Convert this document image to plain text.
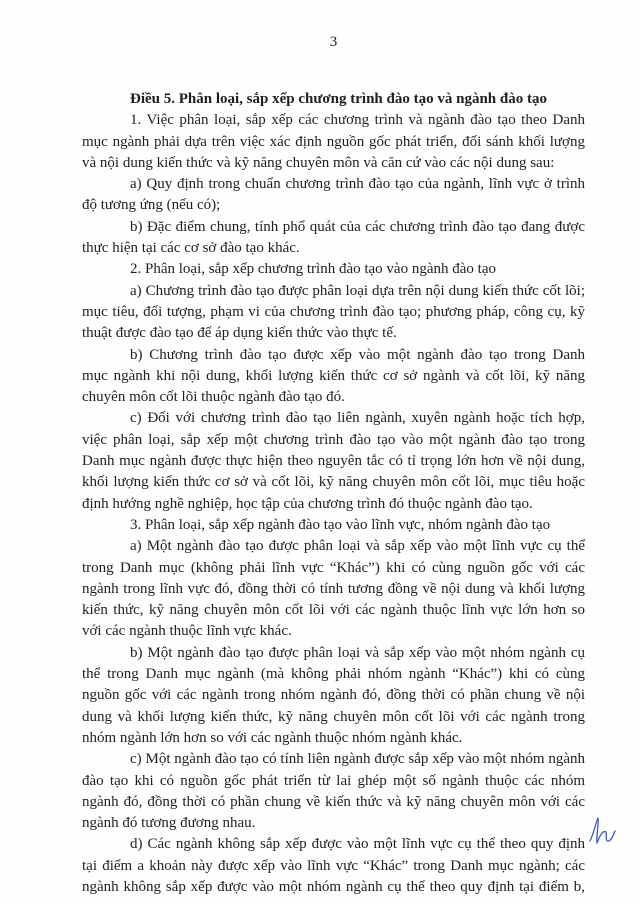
3
Điều 5. Phân loại, sắp xếp chương trình đào tạo và ngành đào tạo
1. Việc phân loại, sắp xếp các chương trình và ngành đào tạo theo Danh
mục ngành phải dựa trên việc xác định nguồn gốc phát triển, đối sánh khối lượng
và nội dung kiến thức và kỹ năng chuyên môn và căn cứ vào các nội dung sau:
a) Quy định trong chuẩn chương trình đào tạo của ngành, lĩnh vực ở trình
độ tương ứng (nếu có);
b) Đặc điểm chung, tính phổ quát của các chương trình đào tạo đang được
thực hiện tại các cơ sở đào tạo khác.
2. Phân loại, sắp xếp chương trình đào tạo vào ngành đào tạo
a) Chương trình đào tạo được phân loại dựa trên nội dung kiến thức cốt lõi;
mục tiêu, đối tượng, phạm vi của chương trình đào tạo; phương pháp, công cụ, kỹ
thuật được đào tạo để áp dụng kiến thức vào thực tế.
b) Chương trình đào tạo được xếp vào một ngành đào tạo trong Danh
mục ngành khi nội dung, khối lượng kiến thức cơ sở ngành và cốt lõi, kỹ năng
chuyên môn cốt lõi thuộc ngành đào tạo đó.
c) Đối với chương trình đào tạo liên ngành, xuyên ngành hoặc tích hợp,
việc phân loại, sắp xếp một chương trình đào tạo vào một ngành đào tạo trong
Danh mục ngành được thực hiện theo nguyên tắc có tỉ trọng lớn hơn về nội dung,
khối lượng kiến thức cơ sở và cốt lõi, kỹ năng chuyên môn cốt lõi, mục tiêu hoặc
định hướng nghề nghiệp, học tập của chương trình đó thuộc ngành đào tạo.
3. Phân loại, sắp xếp ngành đào tạo vào lĩnh vực, nhóm ngành đào tạo
a) Một ngành đào tạo được phân loại và sắp xếp vào một lĩnh vực cụ thể
trong Danh mục (không phải lĩnh vực “Khác”) khi có cùng nguồn gốc với các
ngành trong lĩnh vực đó, đồng thời có tính tương đồng về nội dung và khối lượng
kiến thức, kỹ năng chuyên môn cốt lõi với các ngành thuộc lĩnh vực lớn hơn so
với các ngành thuộc lĩnh vực khác.
b) Một ngành đào tạo được phân loại và sắp xếp vào một nhóm ngành cụ
thể trong Danh mục ngành (mà không phải nhóm ngành “Khác”) khi có cùng
nguồn gốc với các ngành trong nhóm ngành đó, đồng thời có phần chung về nội
dung và khối lượng kiến thức, kỹ năng chuyên môn cốt lõi với các ngành trong
nhóm ngành lớn hơn so với các ngành thuộc nhóm ngành khác.
c) Một ngành đào tạo có tính liên ngành được sắp xếp vào một nhóm ngành
đào tạo khi có nguồn gốc phát triển từ lai ghép một số ngành thuộc các nhóm
ngành đó, đồng thời có phần chung về kiến thức và kỹ năng chuyên môn với các
ngành đó tương đương nhau.
d) Các ngành không sắp xếp được vào một lĩnh vực cụ thể theo quy định
tại điểm a khoản này được xếp vào lĩnh vực “Khác” trong Danh mục ngành; các
ngành không sắp xếp được vào một nhóm ngành cụ thể theo quy định tại điểm b,
